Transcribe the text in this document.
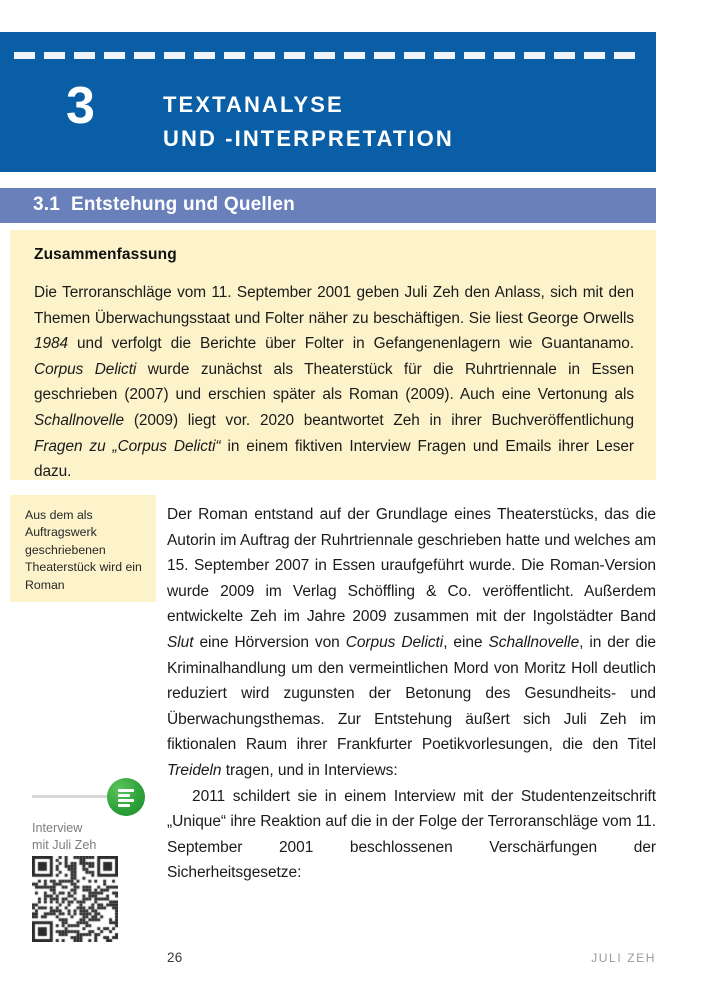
3	TEXTANALYSE
UND -INTERPRETATION
3.1  Entstehung und Quellen
Zusammenfassung

Die Terroranschläge vom 11. September 2001 geben Juli Zeh den Anlass, sich mit den Themen Überwachungsstaat und Folter näher zu beschäftigen. Sie liest George Orwells 1984 und verfolgt die Berichte über Folter in Gefangenenlagern wie Guantanamo. Corpus Delicti wurde zunächst als Theaterstück für die Ruhrtriennale in Essen geschrieben (2007) und erschien später als Roman (2009). Auch eine Vertonung als Schallnovelle (2009) liegt vor. 2020 beantwortet Zeh in ihrer Buchveröffentlichung Fragen zu „Corpus Delicti“ in einem fiktiven Interview Fragen und Emails ihrer Leser dazu.

Aus dem als Auftragswerk geschriebenen Theaterstück wird ein Roman

Der Roman entstand auf der Grundlage eines Theaterstücks, das die Autorin im Auftrag der Ruhrtriennale geschrieben hatte und welches am 15. September 2007 in Essen uraufgeführt wurde. Die Roman-Version wurde 2009 im Verlag Schöffling & Co. veröffentlicht. Außerdem entwickelte Zeh im Jahre 2009 zusammen mit der Ingolstädter Band Slut eine Hörversion von Corpus Delicti, eine Schallnovelle, in der die Kriminalhandlung um den vermeintlichen Mord von Moritz Holl deutlich reduziert wird zugunsten der Betonung des Gesundheits- und Überwachungsthemas. Zur Entstehung äußert sich Juli Zeh im fiktionalen Raum ihrer Frankfurter Poetikvorlesungen, die den Titel Treideln tragen, und in Interviews:

2011 schildert sie in einem Interview mit der Studentenzeitschrift „Unique“ ihre Reaktion auf die in der Folge der Terroranschläge vom 11. September 2001 beschlossenen Verschärfungen der Sicherheitsgesetze:

Interview
mit Juli Zeh
26	JULI ZEH
